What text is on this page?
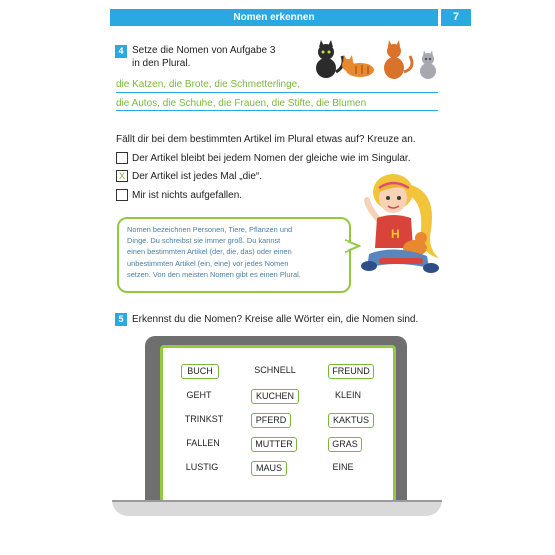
Nomen erkennen	7
4 Setze die Nomen von Aufgabe 3
in den Plural.
die Katzen, die Brote, die Schmetterlinge,
die Autos, die Schuhe, die Frauen, die Stifte, die Blumen
Fällt dir bei dem bestimmten Artikel im Plural etwas auf? Kreuze an.
Der Artikel bleibt bei jedem Nomen der gleiche wie im Singular.
X Der Artikel ist jedes Mal „die“.
Mir ist nichts aufgefallen.
Nomen bezeichnen Personen, Tiere, Pflanzen und
Dinge. Du schreibst sie immer groß. Du kannst
einen bestimmten Artikel (der, die, das) oder einen
unbestimmten Artikel (ein, eine) vor jedes Nomen
setzen. Von den meisten Nomen gibt es einen Plural.
H
5 Erkennst du die Nomen? Kreise alle Wörter ein, die Nomen sind.
BUCH	SCHNELL	FREUND
GEHT	KUCHEN	KLEIN
TRINKST	PFERD	KAKTUS
FALLEN	MUTTER	GRAS
LUSTIG	MAUS	EINE
